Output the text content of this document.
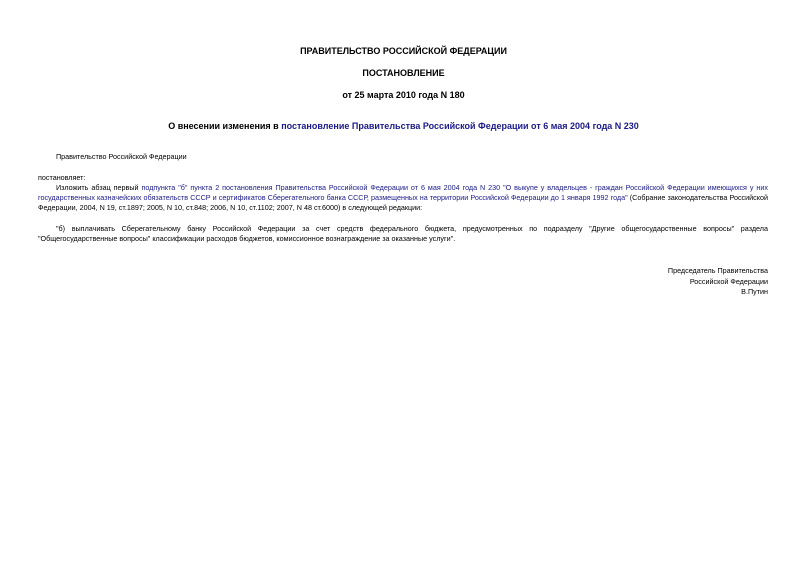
ПРАВИТЕЛЬСТВО РОССИЙСКОЙ ФЕДЕРАЦИИ
ПОСТАНОВЛЕНИЕ
от 25 марта 2010 года N 180
О внесении изменения в постановление Правительства Российской Федерации от 6 мая 2004 года N 230
Правительство Российской Федерации
постановляет:
Изложить абзац первый подпункта "б" пункта 2 постановления Правительства Российской Федерации от 6 мая 2004 года N 230 "О выкупе у владельцев - граждан Российской Федерации имеющихся у них государственных казначейских обязательств СССР и сертификатов Сберегательного банка СССР, размещенных на территории Российской Федерации до 1 января 1992 года" (Собрание законодательства Российской Федерации, 2004, N 19, ст.1897; 2005, N 10, ст.848; 2006, N 10, ст.1102; 2007, N 48 ст.6000) в следующей редакции:
"б) выплачивать Сберегательному банку Российской Федерации за счет средств федерального бюджета, предусмотренных по подразделу "Другие общегосударственные вопросы" раздела "Общегосударственные вопросы" классификации расходов бюджетов, комиссионное вознаграждение за оказанные услуги".
Председатель Правительства
Российской Федерации
В.Путин
